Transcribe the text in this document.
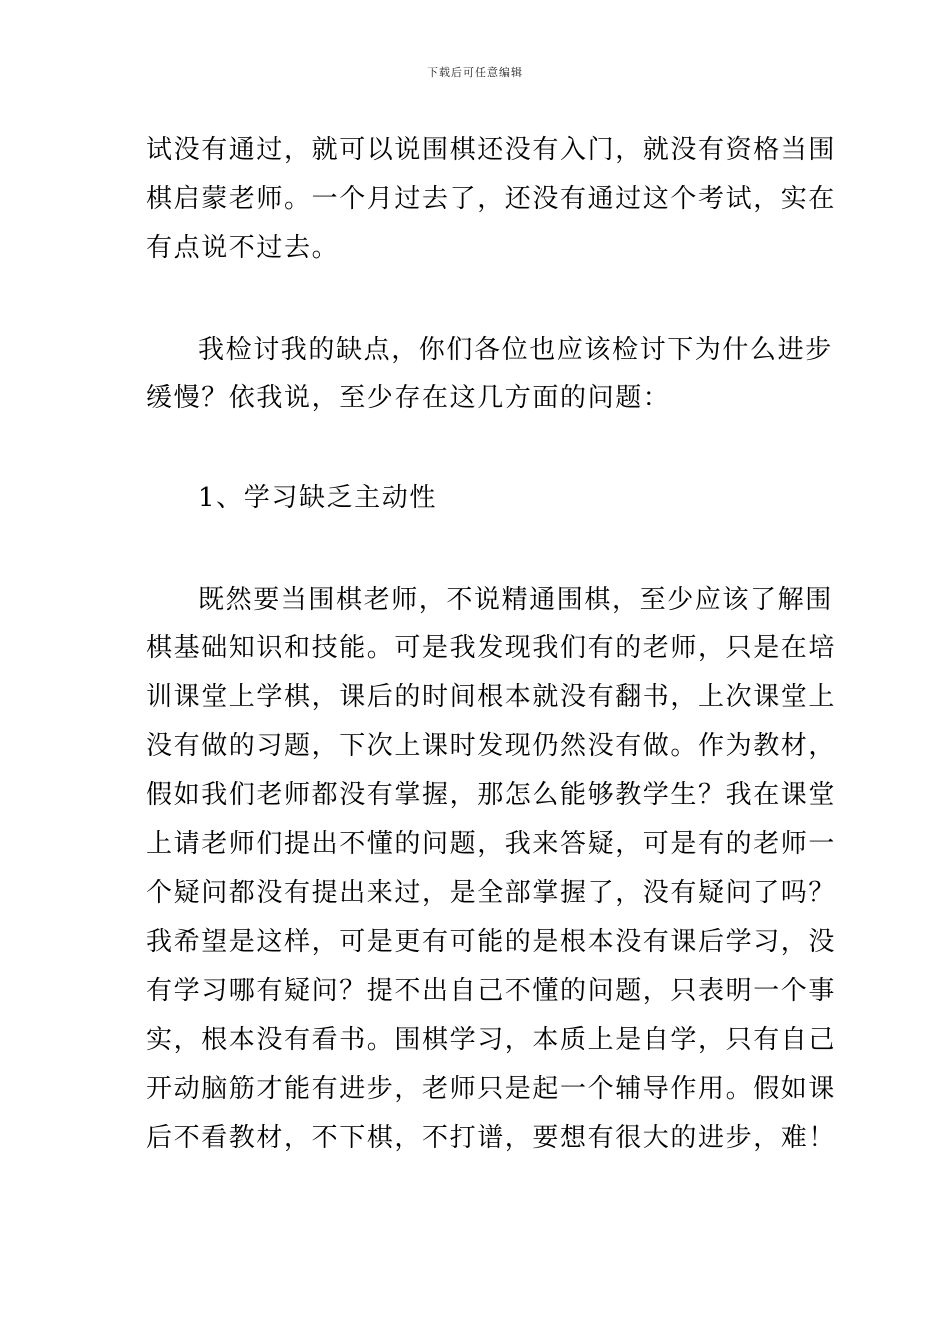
下载后可任意编辑
试没有通过，就可以说围棋还没有入门，就没有资格当围
棋启蒙老师。一个月过去了，还没有通过这个考试，实在
有点说不过去。
我检讨我的缺点，你们各位也应该检讨下为什么进步
缓慢？依我说，至少存在这几方面的问题：
1、学习缺乏主动性
既然要当围棋老师，不说精通围棋，至少应该了解围
棋基础知识和技能。可是我发现我们有的老师，只是在培
训课堂上学棋，课后的时间根本就没有翻书，上次课堂上
没有做的习题，下次上课时发现仍然没有做。作为教材，
假如我们老师都没有掌握，那怎么能够教学生？我在课堂
上请老师们提出不懂的问题，我来答疑，可是有的老师一
个疑问都没有提出来过，是全部掌握了，没有疑问了吗？
我希望是这样，可是更有可能的是根本没有课后学习，没
有学习哪有疑问？提不出自己不懂的问题，只表明一个事
实，根本没有看书。围棋学习，本质上是自学，只有自己
开动脑筋才能有进步，老师只是起一个辅导作用。假如课
后不看教材，不下棋，不打谱，要想有很大的进步，难！
